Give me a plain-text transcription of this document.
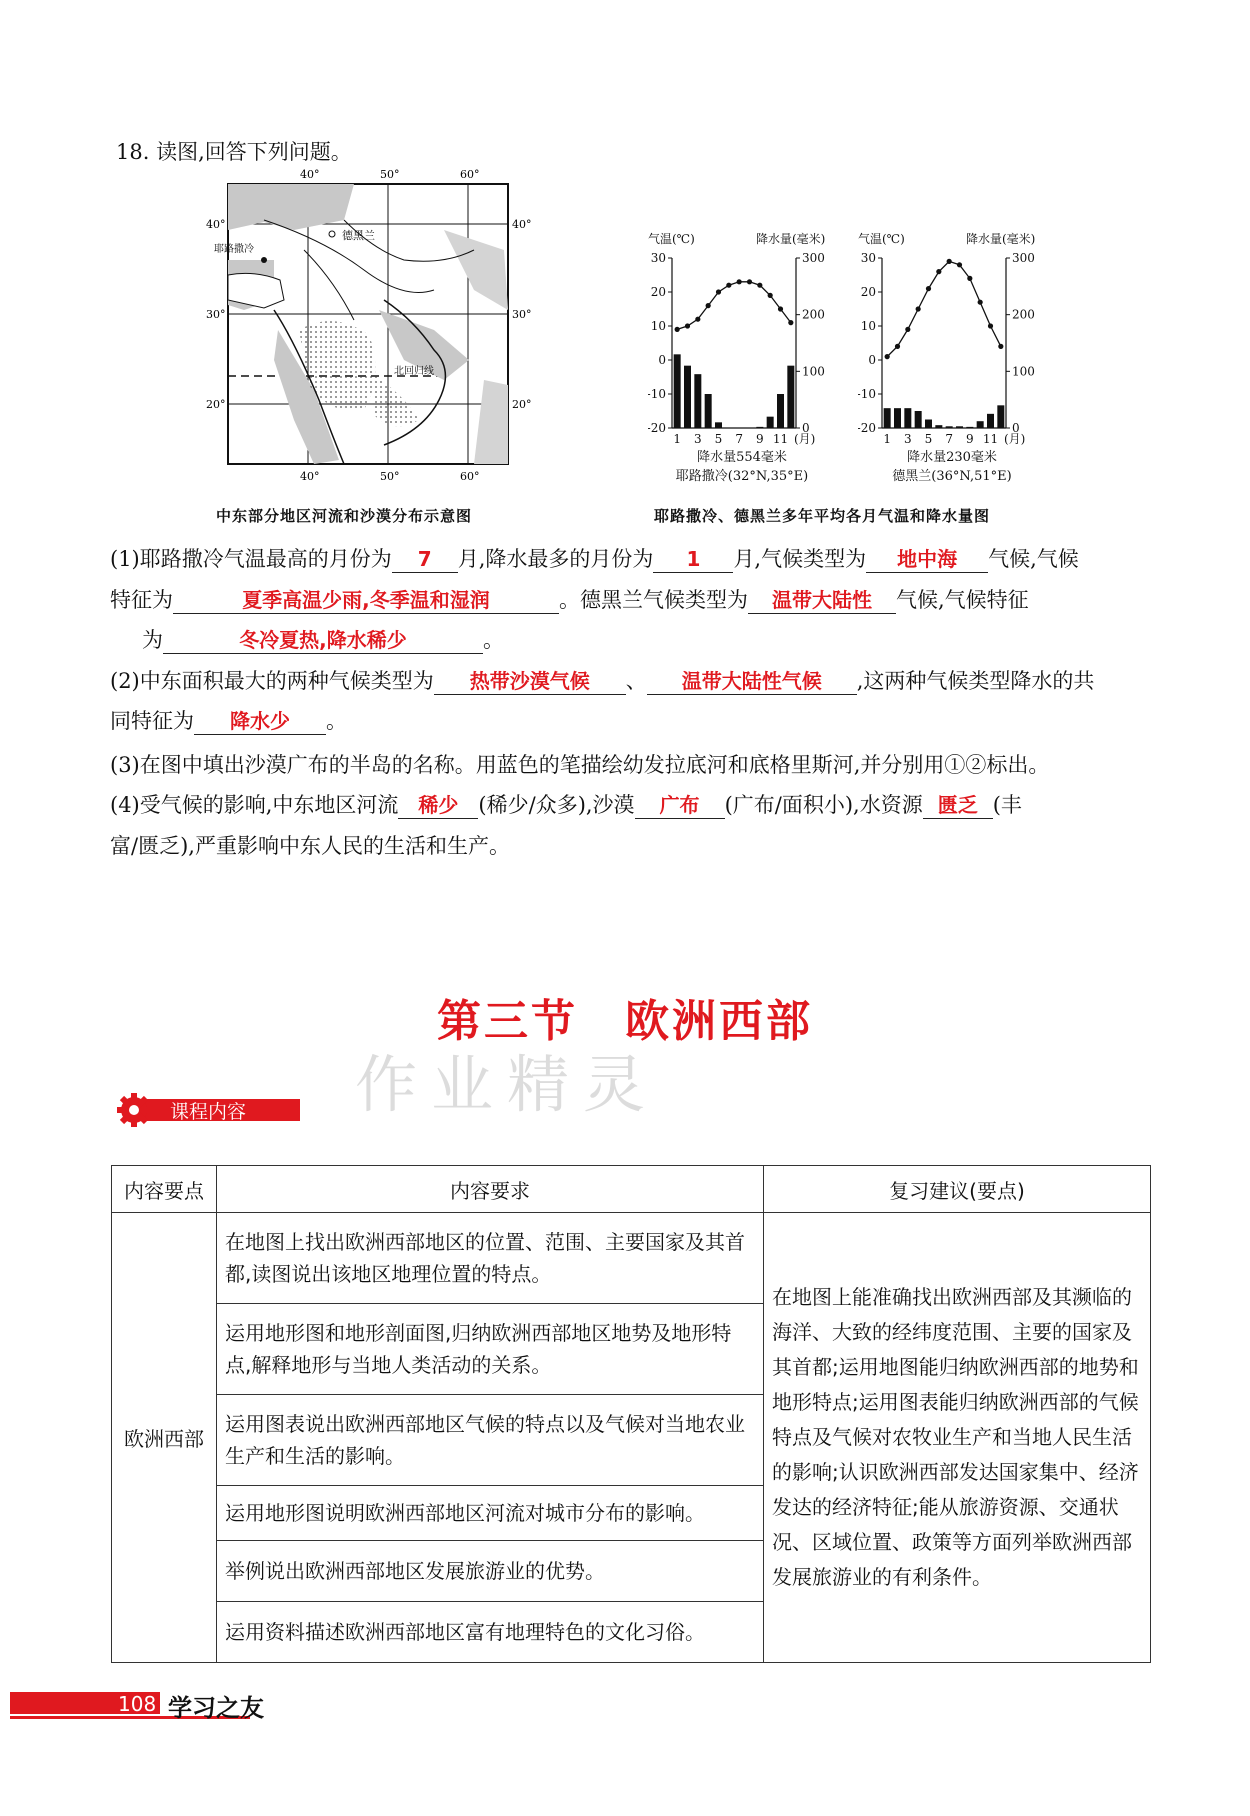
18. 读图,回答下列问题。
德黑兰
耶路撒冷
北回归线
40°	50°	60°
40°	50°	60°
40°
30°
20°
40°
30°
20°
中东部分地区河流和沙漠分布示意图
气温(℃)	降水量(毫米)
30
20
10
0
-10
-20
300
200
100
0
1 3 5 7 9 11 (月)
降水量554毫米
耶路撒冷(32°N,35°E)
气温(℃)	降水量(毫米)
30
20
10
0
-10
-20
300
200
100
0
1 3 5 7 9 11 (月)
降水量230毫米
德黑兰(36°N,51°E)
耶路撒冷、德黑兰多年平均各月气温和降水量图
(1)耶路撒冷气温最高的月份为 7 月,降水最多的月份为 1 月,气候类型为 地中海 气候,气候
特征为	夏季高温少雨,冬季温和湿润	。德黑兰气候类型为 温带大陆性 气候,气候特征
为	冬冷夏热,降水稀少	。
(2)中东面积最大的两种气候类型为 热带沙漠气候 、 温带大陆性气候 ,这两种气候类型降水的共
同特征为 降水少 。
(3)在图中填出沙漠广布的半岛的名称。用蓝色的笔描绘幼发拉底河和底格里斯河,并分别用①②标出。
(4)受气候的影响,中东地区河流 稀少 (稀少/众多),沙漠 广布 (广布/面积小),水资源 匮乏 (丰
富/匮乏),严重影响中东人民的生活和生产。
作业精灵
第三节　欧洲西部
课程内容
内容要点	内容要求	复习建议(要点)
欧洲西部	在地图上找出欧洲西部地区的位置、范围、主要国家及其首都,读图说出该地区地理位置的特点。	在地图上能准确找出欧洲西部及其濒临的海洋、大致的经纬度范围、主要的国家及其首都;运用地图能归纳欧洲西部的地势和地形特点;运用图表能归纳欧洲西部的气候特点及气候对农牧业生产和当地人民生活的影响;认识欧洲西部发达国家集中、经济发达的经济特征;能从旅游资源、交通状况、区域位置、政策等方面列举欧洲西部发展旅游业的有利条件。
	运用地形图和地形剖面图,归纳欧洲西部地区地势及地形特点,解释地形与当地人类活动的关系。	
	运用图表说出欧洲西部地区气候的特点以及气候对当地农业生产和生活的影响。	
	运用地形图说明欧洲西部地区河流对城市分布的影响。	
	举例说出欧洲西部地区发展旅游业的优势。	
	运用资料描述欧洲西部地区富有地理特色的文化习俗。	
108 学习之友
